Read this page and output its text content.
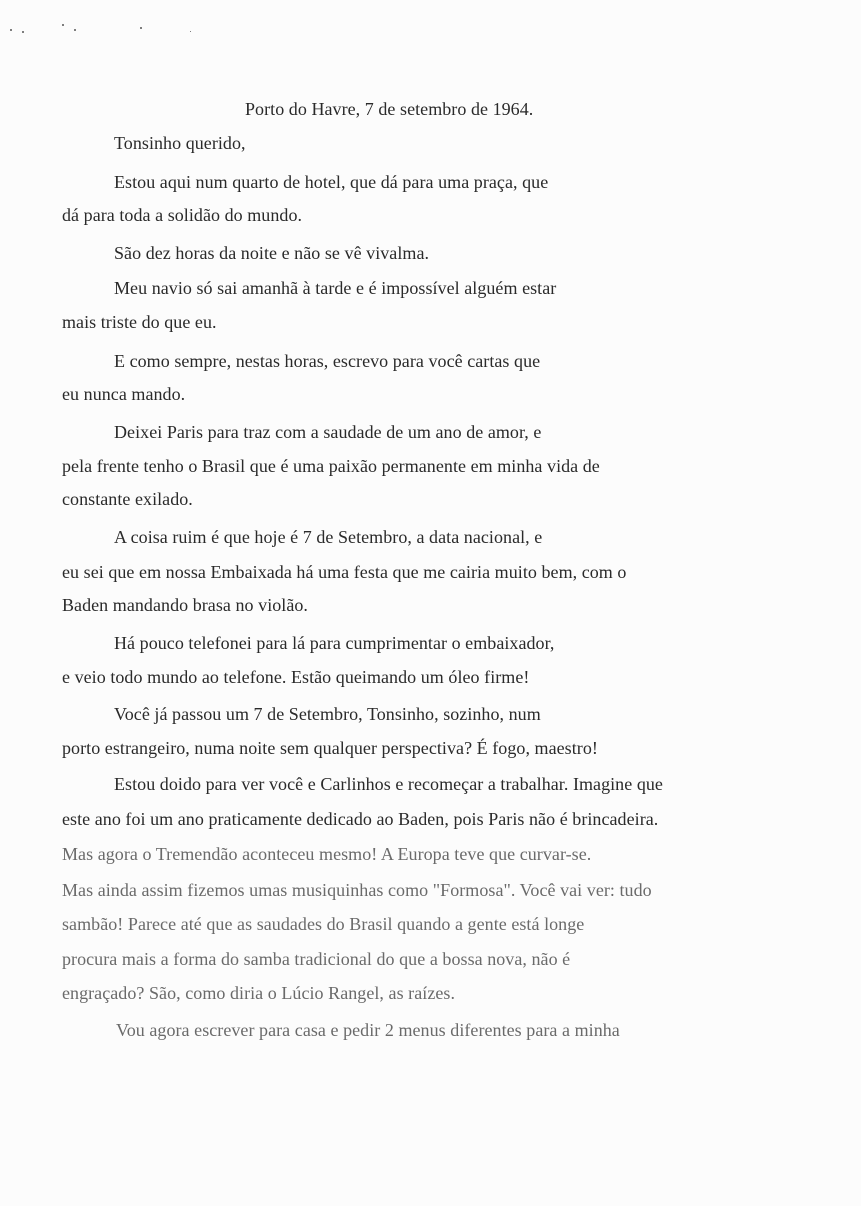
Porto do Havre, 7 de setembro de 1964.
Tonsinho querido,
Estou aqui num quarto de hotel, que dá para uma praça, que
dá para toda a solidão do mundo.
São dez horas da noite e não se vê vivalma.
Meu navio só sai amanhã à tarde e é impossível alguém estar
mais triste do que eu.
E como sempre, nestas horas, escrevo para você cartas que
eu nunca mando.
Deixei Paris para traz com a saudade de um ano de amor, e
pela frente tenho o Brasil que é uma paixão permanente em minha vida de
constante exilado.
A coisa ruim é que hoje é 7 de Setembro, a data nacional, e
eu sei que em nossa Embaixada há uma festa que me cairia muito bem, com o
Baden mandando brasa no violão.
Há pouco telefonei para lá para cumprimentar o embaixador,
e veio todo mundo ao telefone. Estão queimando um óleo firme!
Você já passou um 7 de Setembro, Tonsinho, sozinho, num
porto estrangeiro, numa noite sem qualquer perspectiva? É fogo, maestro!
Estou doido para ver você e Carlinhos e recomeçar a trabalhar. Imagine que
este ano foi um ano praticamente dedicado ao Baden, pois Paris não é brincadeira.
Mas agora o Tremendão aconteceu mesmo! A Europa teve que curvar-se.
Mas ainda assim fizemos umas musiquinhas como "Formosa". Você vai ver: tudo
sambão! Parece até que as saudades do Brasil quando a gente está longe
procura mais a forma do samba tradicional do que a bossa nova, não é
engraçado? São, como diria o Lúcio Rangel, as raízes.
Vou agora escrever para casa e pedir 2 menus diferentes para a minha
